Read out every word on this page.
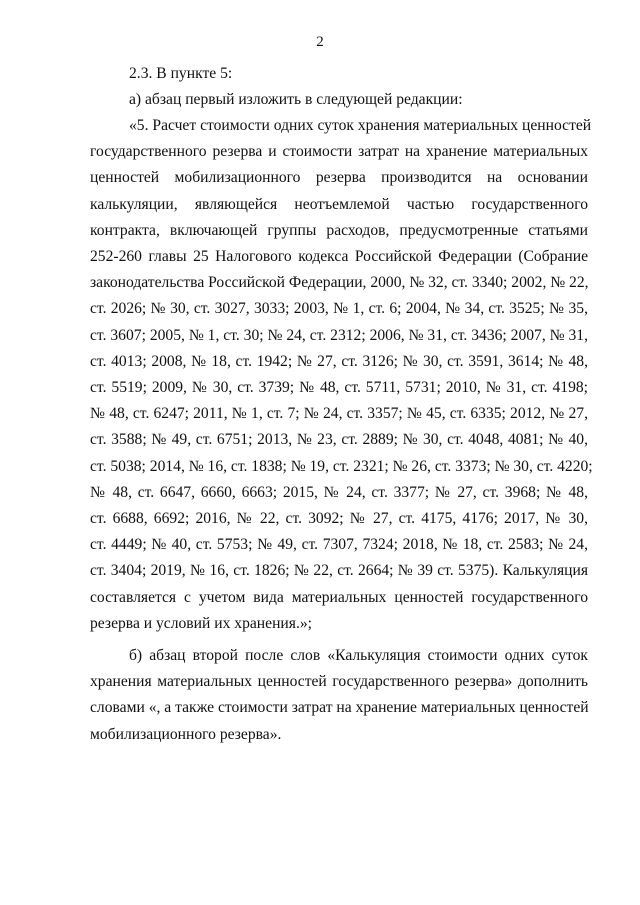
2
2.3. В пункте 5:
а) абзац первый изложить в следующей редакции:
«5. Расчет стоимости одних суток хранения материальных ценностей
государственного резерва и стоимости затрат на хранение материальных
ценностей мобилизационного резерва производится на основании
калькуляции, являющейся неотъемлемой частью государственного
контракта, включающей группы расходов, предусмотренные статьями
252-260 главы 25 Налогового кодекса Российской Федерации (Собрание
законодательства Российской Федерации, 2000, № 32, ст. 3340; 2002, № 22,
ст. 2026; № 30, ст. 3027, 3033; 2003, № 1, ст. 6; 2004, № 34, ст. 3525; № 35,
ст. 3607; 2005, № 1, ст. 30; № 24, ст. 2312; 2006, № 31, ст. 3436; 2007, № 31,
ст. 4013; 2008, № 18, ст. 1942; № 27, ст. 3126; № 30, ст. 3591, 3614; № 48,
ст. 5519; 2009, № 30, ст. 3739; № 48, ст. 5711, 5731; 2010, № 31, ст. 4198;
№ 48, ст. 6247; 2011, № 1, ст. 7; № 24, ст. 3357; № 45, ст. 6335; 2012, № 27,
ст. 3588; № 49, ст. 6751; 2013, № 23, ст. 2889; № 30, ст. 4048, 4081; № 40,
ст. 5038; 2014, № 16, ст. 1838; № 19, ст. 2321; № 26, ст. 3373; № 30, ст. 4220;
№ 48, ст. 6647, 6660, 6663; 2015, № 24, ст. 3377; № 27, ст. 3968; № 48,
ст. 6688, 6692; 2016, № 22, ст. 3092; № 27, ст. 4175, 4176; 2017, № 30,
ст. 4449; № 40, ст. 5753; № 49, ст. 7307, 7324; 2018, № 18, ст. 2583; № 24,
ст. 3404; 2019, № 16, ст. 1826; № 22, ст. 2664; № 39 ст. 5375). Калькуляция
составляется с учетом вида материальных ценностей государственного
резерва и условий их хранения.»;
б) абзац второй после слов «Калькуляция стоимости одних суток
хранения материальных ценностей государственного резерва» дополнить
словами «, а также стоимости затрат на хранение материальных ценностей
мобилизационного резерва».
